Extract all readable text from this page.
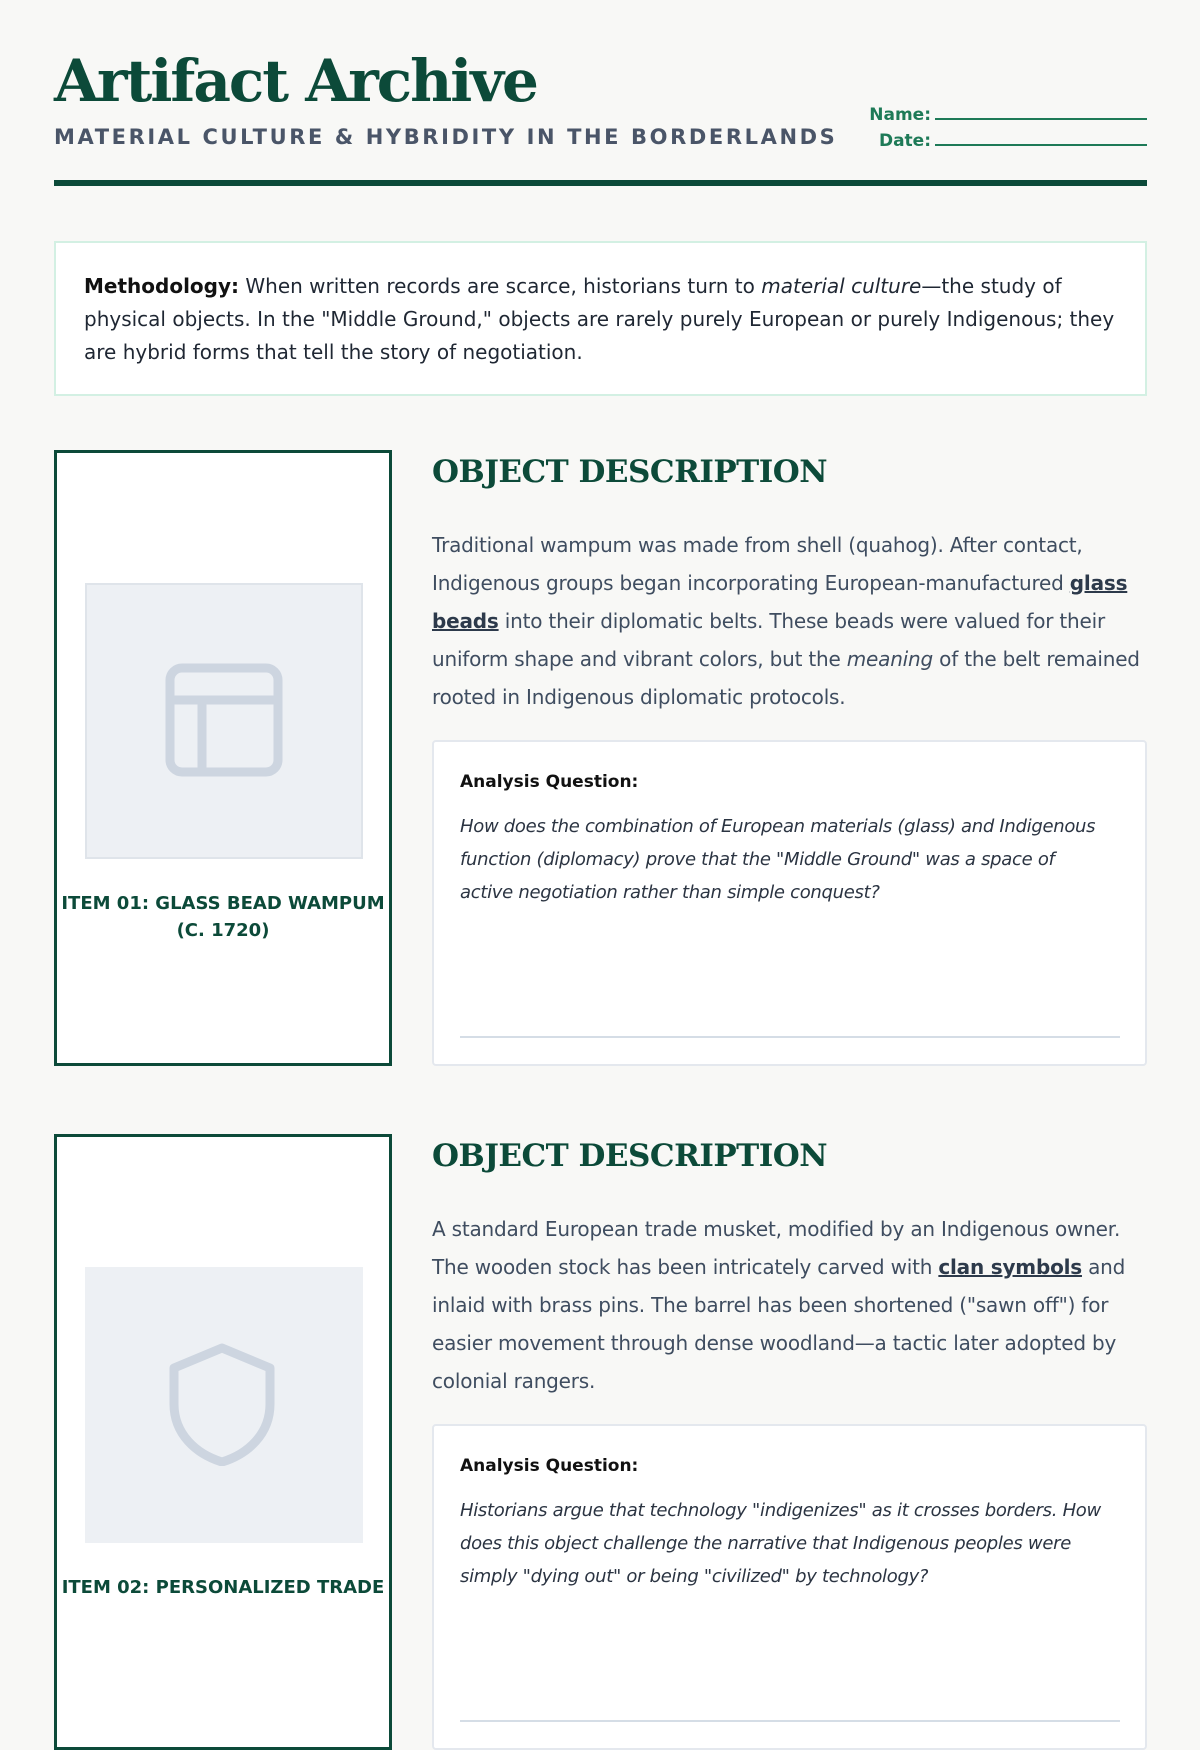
Artifact Archive
MATERIAL CULTURE & HYBRIDITY IN THE BORDERLANDS
Name:
Date:
Methodology: When written records are scarce, historians turn to material culture—the study of physical objects. In the "Middle Ground," objects are rarely purely European or purely Indigenous; they are hybrid forms that tell the story of negotiation.
ITEM 01: GLASS BEAD WAMPUM (C. 1720)
OBJECT DESCRIPTION
Traditional wampum was made from shell (quahog). After contact, Indigenous groups began incorporating European-manufactured glass beads into their diplomatic belts. These beads were valued for their uniform shape and vibrant colors, but the meaning of the belt remained rooted in Indigenous diplomatic protocols.
Analysis Question:
How does the combination of European materials (glass) and Indigenous function (diplomacy) prove that the "Middle Ground" was a space of active negotiation rather than simple conquest?
ITEM 02: PERSONALIZED TRADE
OBJECT DESCRIPTION
A standard European trade musket, modified by an Indigenous owner. The wooden stock has been intricately carved with clan symbols and inlaid with brass pins. The barrel has been shortened ("sawn off") for easier movement through dense woodland—a tactic later adopted by colonial rangers.
Analysis Question:
Historians argue that technology "indigenizes" as it crosses borders. How does this object challenge the narrative that Indigenous peoples were simply "dying out" or being "civilized" by technology?
